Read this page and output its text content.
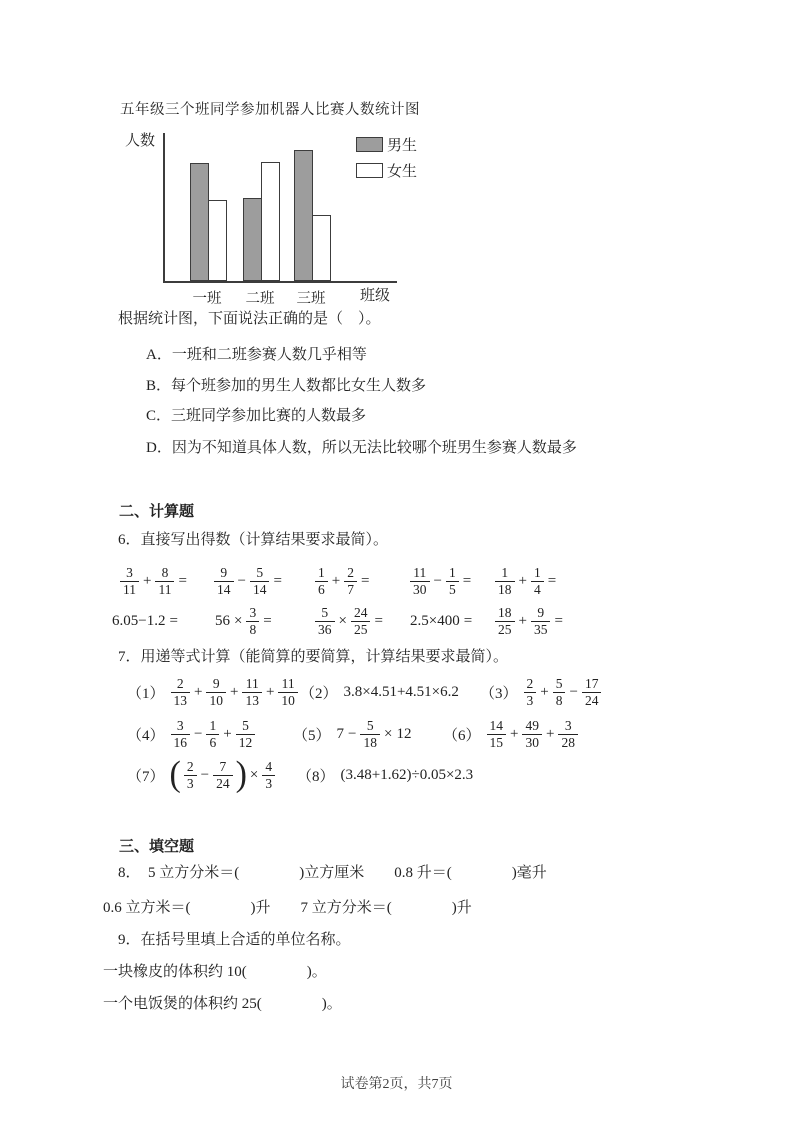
五年级三个班同学参加机器人比赛人数统计图
人数
一班	二班	三班	班级
男生
女生
根据统计图，下面说法正确的是（　）。
A．一班和二班参赛人数几乎相等
B．每个班参加的男生人数都比女生人数多
C．三班同学参加比赛的人数最多
D．因为不知道具体人数，所以无法比较哪个班男生参赛人数最多
二、计算题
6．直接写出得数（计算结果要求最简）。
$\frac{3}{11} + \frac{8}{11} = \frac{9}{14} - \frac{5}{14} = \frac{1}{6} + \frac{2}{7}$ =	$\frac{11}{30} - \frac{1}{5} = \frac{1}{18} + \frac{1}{4}$ =
$6.05-1.2 = 56 \times \frac{3}{8}$ =	$\frac{5}{36} \times \frac{24}{25} = 2.5\times 400 = \frac{18}{25} + \frac{9}{35}$ =
7．用递等式计算（能简算的要简算，计算结果要求最简）。
$(1) \frac{2}{13} + \frac{9}{10} + \frac{11}{13} + \frac{11}{10} (2)$ 3.8×4.51+4.51×6.2 $(3) \frac{2}{3} + \frac{5}{8} - \frac{17}{24}$
$(4) \frac{3}{16} - \frac{1}{6} + \frac{5}{12}$	（5） $7 - \frac{5}{18} \times 12$ $(6) \frac{14}{15} + \frac{49}{30} + \frac{3}{28}$
（7） ( $\frac{2}{3} - \frac{7}{24}$ ) × $\frac{4}{3} (8)$ (3.48+1.62)÷0.05×2.3
三、填空题
8．  5 立方分米＝(　　　　)立方厘米　　0.8 升＝(　　　　)毫升
0.6 立方米＝(　　　　)升　　7 立方分米＝(　　　　)升
9．在括号里填上合适的单位名称。
一块橡皮的体积约 10(　　　　)。
一个电饭煲的体积约 25(　　　　)。
试卷第2页，共7页
